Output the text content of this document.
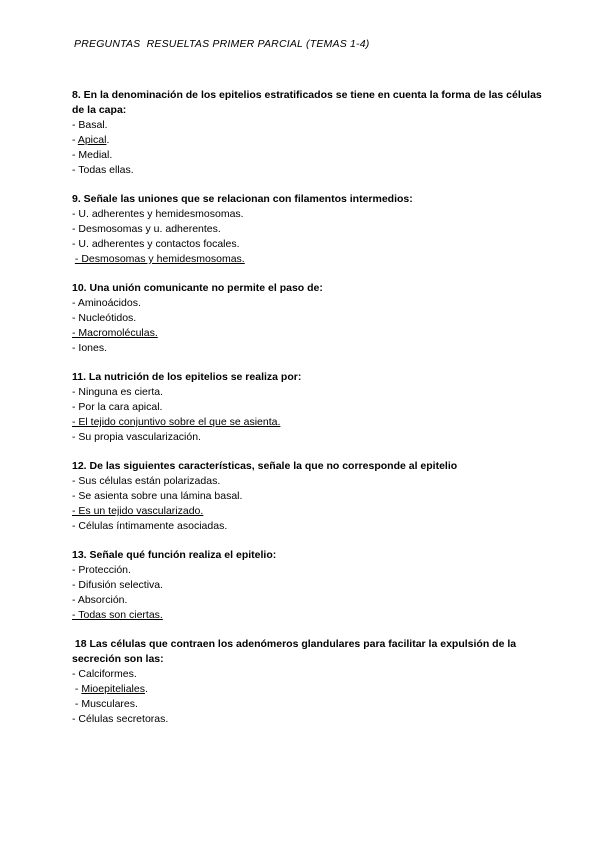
PREGUNTAS  RESUELTAS PRIMER PARCIAL (TEMAS 1-4)
8. En la denominación de los epitelios estratificados se tiene en cuenta la forma de las células de la capa:
- Basal.
- Apical.
- Medial.
- Todas ellas.
9. Señale las uniones que se relacionan con filamentos intermedios:
- U. adherentes y hemidesmosomas.
- Desmosomas y u. adherentes.
- U. adherentes y contactos focales.
- Desmosomas y hemidesmosomas.
10. Una unión comunicante no permite el paso de:
- Aminoácidos.
- Nucleótidos.
- Macromoléculas.
- Iones.
11. La nutrición de los epitelios se realiza por:
- Ninguna es cierta.
- Por la cara apical.
- El tejido conjuntivo sobre el que se asienta.
- Su propia vascularización.
12. De las siguientes características, señale la que no corresponde al epitelio
- Sus células están polarizadas.
- Se asienta sobre una lámina basal.
- Es un tejido vascularizado.
- Células íntimamente asociadas.
13. Señale qué función realiza el epitelio:
- Protección.
- Difusión selectiva.
- Absorción.
- Todas son ciertas.
18 Las células que contraen los adenómeros glandulares para facilitar la expulsión de la secreción son las:
- Calciformes.
- Mioepiteliales.
- Musculares.
- Células secretoras.
